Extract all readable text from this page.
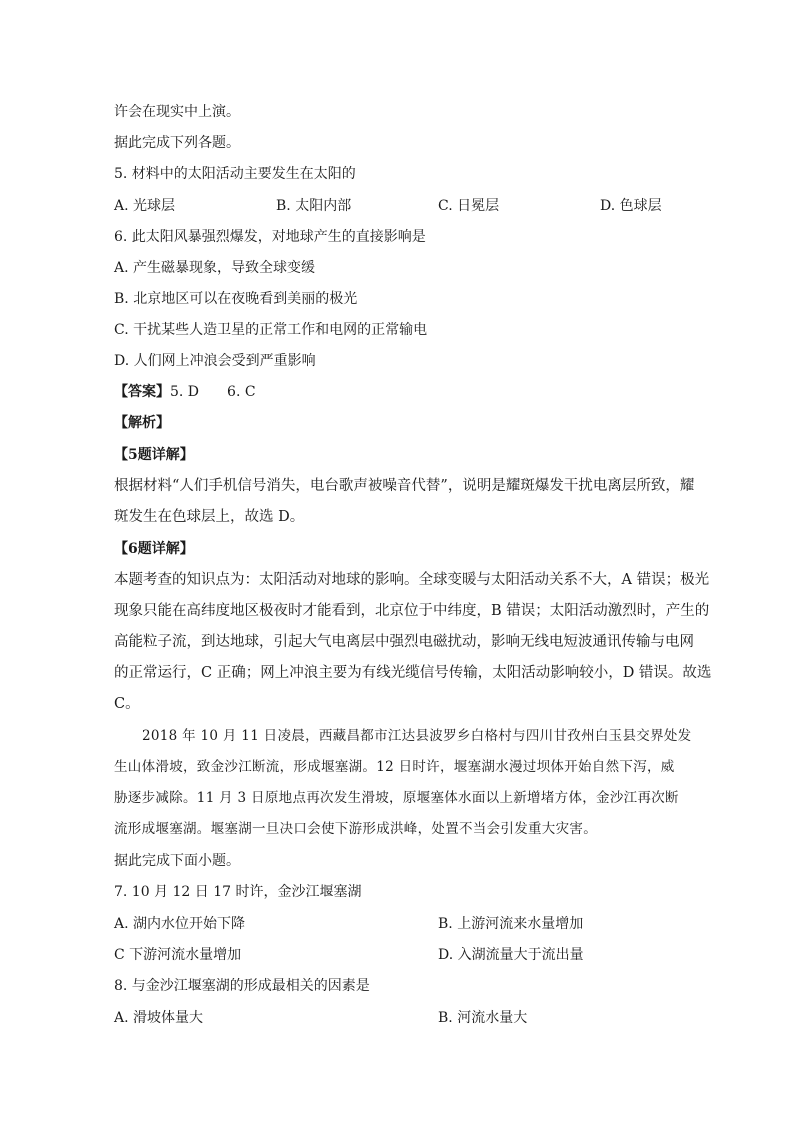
许会在现实中上演。
据此完成下列各题。
5. 材料中的太阳活动主要发生在太阳的
A. 光球层	B. 太阳内部	C. 日冕层	D. 色球层
6. 此太阳风暴强烈爆发，对地球产生的直接影响是
A. 产生磁暴现象，导致全球变缓
B. 北京地区可以在夜晚看到美丽的极光
C. 干扰某些人造卫星的正常工作和电网的正常输电
D. 人们网上冲浪会受到严重影响
【答案】5. D　　6. C
【解析】
【5题详解】
根据材料“人们手机信号消失，电台歌声被噪音代替”，说明是耀斑爆发干扰电离层所致，耀
斑发生在色球层上，故选 D。
【6题详解】
本题考查的知识点为：太阳活动对地球的影响。全球变暖与太阳活动关系不大，A 错误；极光
现象只能在高纬度地区极夜时才能看到，北京位于中纬度，B 错误；太阳活动激烈时，产生的
高能粒子流，到达地球，引起大气电离层中强烈电磁扰动，影响无线电短波通讯传输与电网
的正常运行，C 正确；网上冲浪主要为有线光缆信号传输，太阳活动影响较小，D 错误。故选
C。
2018 年 10 月 11 日凌晨，西藏昌都市江达县波罗乡白格村与四川甘孜州白玉县交界处发
生山体滑坡，致金沙江断流，形成堰塞湖。12 日时许，堰塞湖水漫过坝体开始自然下泻，威
胁逐步减除。11 月 3 日原地点再次发生滑坡，原堰塞体水面以上新增堵方体，金沙江再次断
流形成堰塞湖。堰塞湖一旦决口会使下游形成洪峰，处置不当会引发重大灾害。
据此完成下面小题。
7. 10 月 12 日 17 时许，金沙江堰塞湖
A. 湖内水位开始下降	B. 上游河流来水量增加
C 下游河流水量增加	D. 入湖流量大于流出量
8. 与金沙江堰塞湖的形成最相关的因素是
A. 滑坡体量大	B. 河流水量大
